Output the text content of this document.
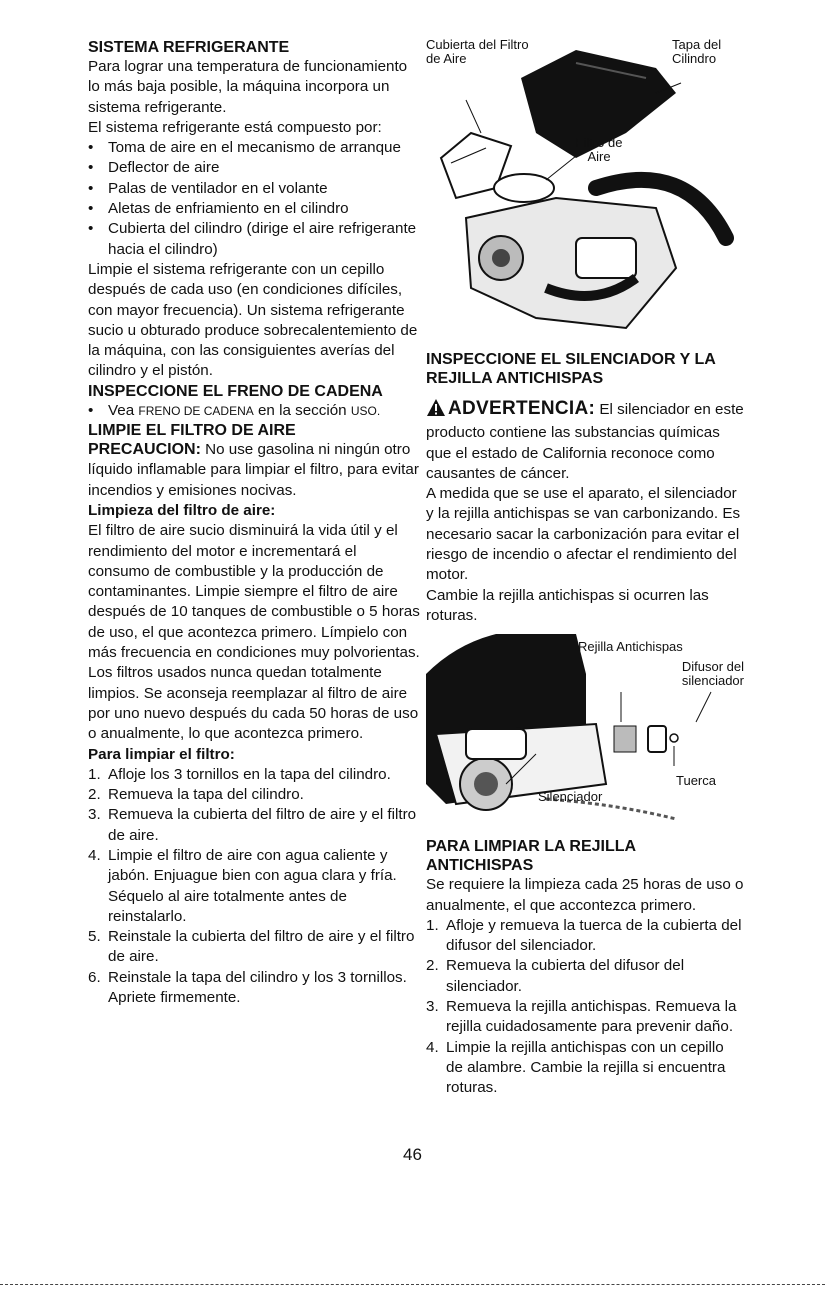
SISTEMA REFRIGERANTE

Para lograr una temperatura de funcionamiento lo más baja posible, la máquina incorpora un sistema refrigerante.

El sistema refrigerante está compuesto por:

• Toma de aire en el mecanismo de arranque
• Deflector de aire
• Palas de ventilador en el volante
• Aletas de enfriamiento en el cilindro
• Cubierta del cilindro (dirige el aire refrigerante hacia el cilindro)

Limpie el sistema refrigerante con un cepillo después de cada uso (en condiciones difíciles, con mayor frecuencia). Un sistema refrigerante sucio u obturado produce sobrecalentemiento de la máquina, con las consiguientes averías del cilindro y el pistón.

INSPECCIONE EL FRENO DE CADENA
• Vea FRENO DE CADENA en la sección USO.
LIMPIE EL FILTRO DE AIRE

PRECAUCION: No use gasolina ni ningún otro líquido inflamable para limpiar el filtro, para evitar incendios y emisiones nocivas.

Limpieza del filtro de aire:

El filtro de aire sucio disminuirá la vida útil y el rendimiento del motor e incrementará el consumo de combustible y la producción de contaminantes. Limpie siempre el filtro de aire después de 10 tanques de combustible o 5 horas de uso, el que acontezca primero. Límpielo con más frecuencia en condiciones muy polvorientas. Los filtros usados nunca quedan totalmente limpios. Se aconseja reemplazar al filtro de aire por uno nuevo después du cada 50 horas de uso o anualmente, lo que acontezca primero.

Para limpiar el filtro:

1. Afloje los 3 tornillos en la tapa del cilindro.
2. Remueva la tapa del cilindro.
3. Remueva la cubierta del filtro de aire y el filtro de aire.
4. Limpie el filtro de aire con agua caliente y jabón. Enjuague bien con agua clara y fría. Séquelo al aire totalmente antes de reinstalarlo.
5. Reinstale la cubierta del filtro de aire y el filtro de aire.
6. Reinstale la tapa del cilindro y los 3 tornillos. Apriete firmemente.
Cubierta del Filtro de Aire
Tapa del Cilindro
Filtro de Aire
INSPECCIONE EL SILENCIADOR Y LA REJILLA ANTICHISPAS

ADVERTENCIA: El silenciador en este producto contiene las substancias químicas que el estado de California reconoce como causantes de cáncer.

A medida que se use el aparato, el silenciador y la rejilla antichispas se van carbonizando. Es necesario sacar la carbonización para evitar el riesgo de incendio o afectar el rendimiento del motor.

Cambie la rejilla antichispas si ocurren las roturas.

Rejilla Antichispas
Difusor del silenciador
Tuerca
Silenciador
PARA LIMPIAR LA REJILLA ANTICHISPAS

Se requiere la limpieza cada 25 horas de uso o anualmente, el que accontezca primero.

1. Afloje y remueva la tuerca de la cubierta del difusor del silenciador.
2. Remueva la cubierta del difusor del silenciador.
3. Remueva la rejilla antichispas. Remueva la rejilla cuidadosamente para prevenir daño.
4. Limpie la rejilla antichispas con un cepillo de alambre. Cambie la rejilla si encuentra roturas.
46
